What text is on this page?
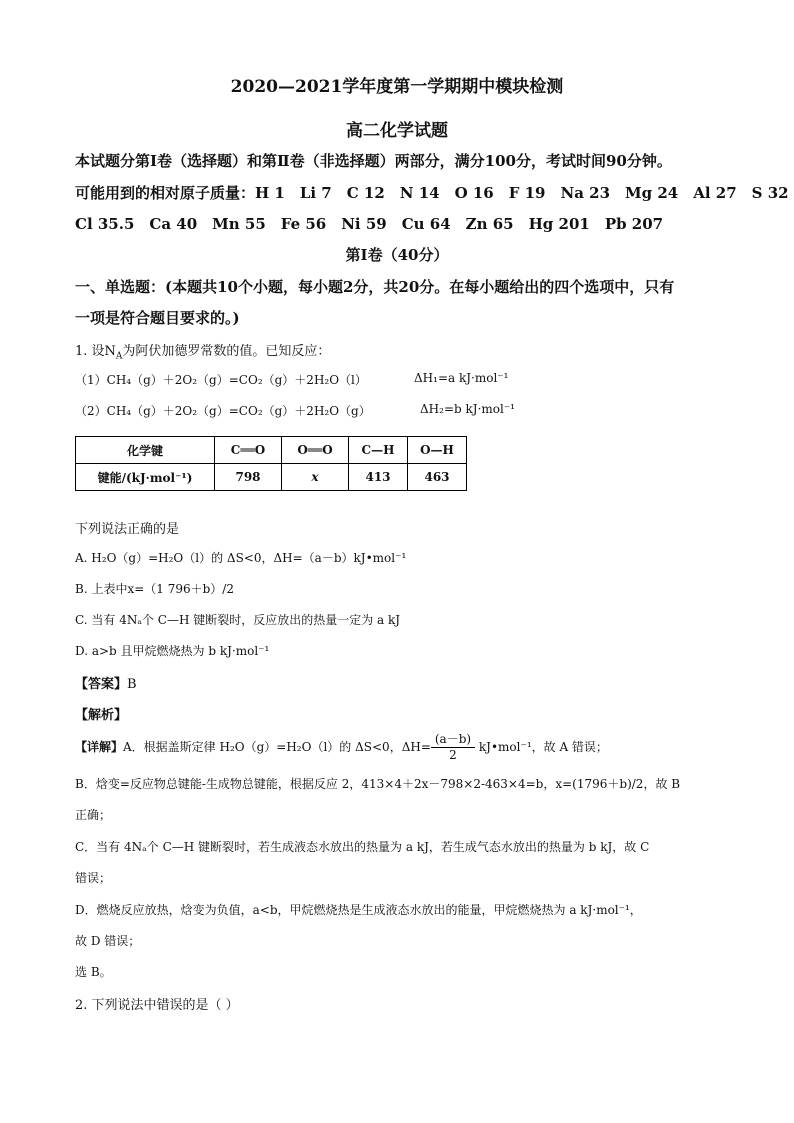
2020—2021学年度第一学期期中模块检测
高二化学试题
本试题分第Ⅰ卷（选择题）和第Ⅱ卷（非选择题）两部分，满分100分，考试时间90分钟。
可能用到的相对原子质量：H 1　Li 7　C 12　N 14　O 16　F 19　Na 23　Mg 24　Al 27　S 32
Cl 35.5　Ca 40　Mn 55　Fe 56　Ni 59　Cu 64　Zn 65　Hg 201　Pb 207
第Ⅰ卷（40分）
一、单选题：(本题共10个小题，每小题2分，共20分。在每小题给出的四个选项中，只有
一项是符合题目要求的。)
1. 设$N_A$为阿伏加德罗常数的值。已知反应：
（1）CH₄（g）＋2O₂（g）=CO₂（g）＋2H₂O（l）	ΔH₁=a kJ·mol⁻¹
（2）CH₄（g）＋2O₂（g）=CO₂（g）＋2H₂O（g）	ΔH₂=b kJ·mol⁻¹
化学键	C══O	O══O	C—H	O—H
键能/(kJ·mol⁻¹)	798	x	413	463
下列说法正确的是
A. H₂O（g）=H₂O（l）的 ΔS<0，ΔH=（a－b）kJ•mol⁻¹
B. 上表中x=（1 796＋b）/2
C. 当有 4Nₐ个 C—H 键断裂时，反应放出的热量一定为 a kJ
D. a>b 且甲烷燃烧热为 b kJ·mol⁻¹
【答案】B
【解析】
【详解】A．根据盖斯定律 H₂O（g）=H₂O（l）的 ΔS<0，$\Delta H= \frac{(a-b)}{2}$ kJ•mol⁻¹，故 A 错误；
B．焓变=反应物总键能-生成物总键能，根据反应 2，413×4＋2x－798×2-463×4=b，x=(1796＋b)/2，故 B
正确；
C．当有 4Nₐ个 C—H 键断裂时，若生成液态水放出的热量为 a kJ，若生成气态水放出的热量为 b kJ，故 C
错误；
D．燃烧反应放热，焓变为负值，a<b，甲烷燃烧热是生成液态水放出的能量，甲烷燃烧热为 a kJ·mol⁻¹，
故 D 错误；
选 B。
2. 下列说法中错误的是（ ）
